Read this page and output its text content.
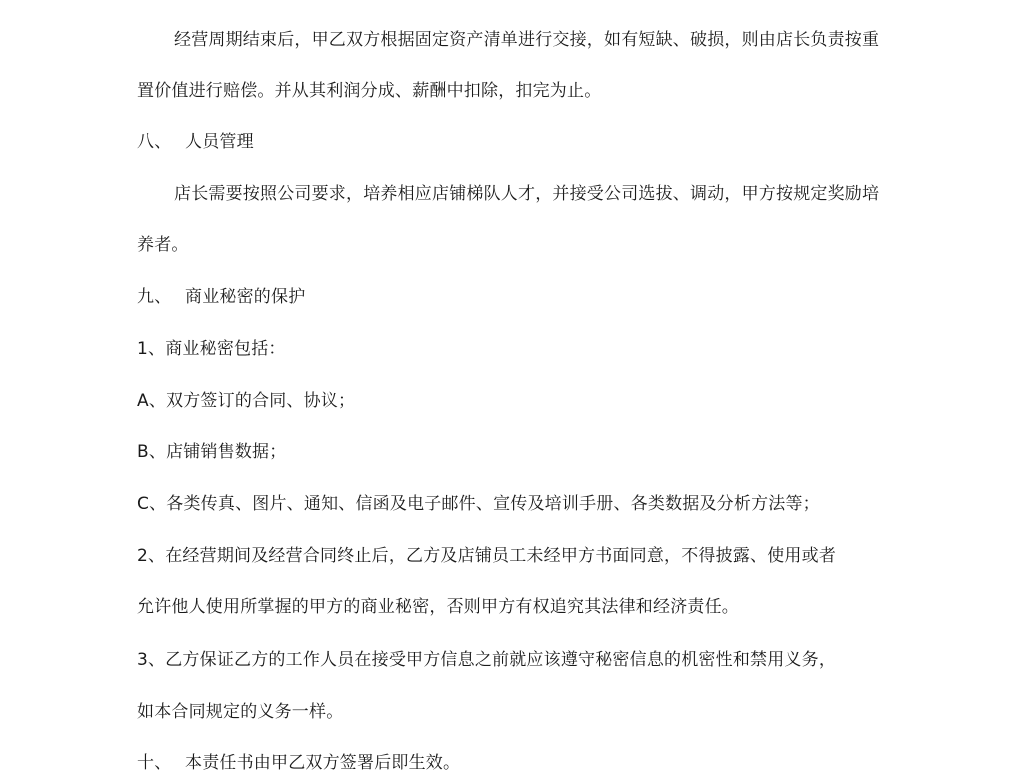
经营周期结束后，甲乙双方根据固定资产清单进行交接，如有短缺、破损，则由店长负责按重
置价值进行赔偿。并从其利润分成、薪酬中扣除，扣完为止。
八、 人员管理
店长需要按照公司要求，培养相应店铺梯队人才，并接受公司选拔、调动，甲方按规定奖励培
养者。
九、 商业秘密的保护
1、商业秘密包括：
A、双方签订的合同、协议；
B、店铺销售数据；
C、各类传真、图片、通知、信函及电子邮件、宣传及培训手册、各类数据及分析方法等；
2、在经营期间及经营合同终止后，乙方及店铺员工未经甲方书面同意，不得披露、使用或者
允许他人使用所掌握的甲方的商业秘密，否则甲方有权追究其法律和经济责任。
3、乙方保证乙方的工作人员在接受甲方信息之前就应该遵守秘密信息的机密性和禁用义务，
如本合同规定的义务一样。
十、 本责任书由甲乙双方签署后即生效。
